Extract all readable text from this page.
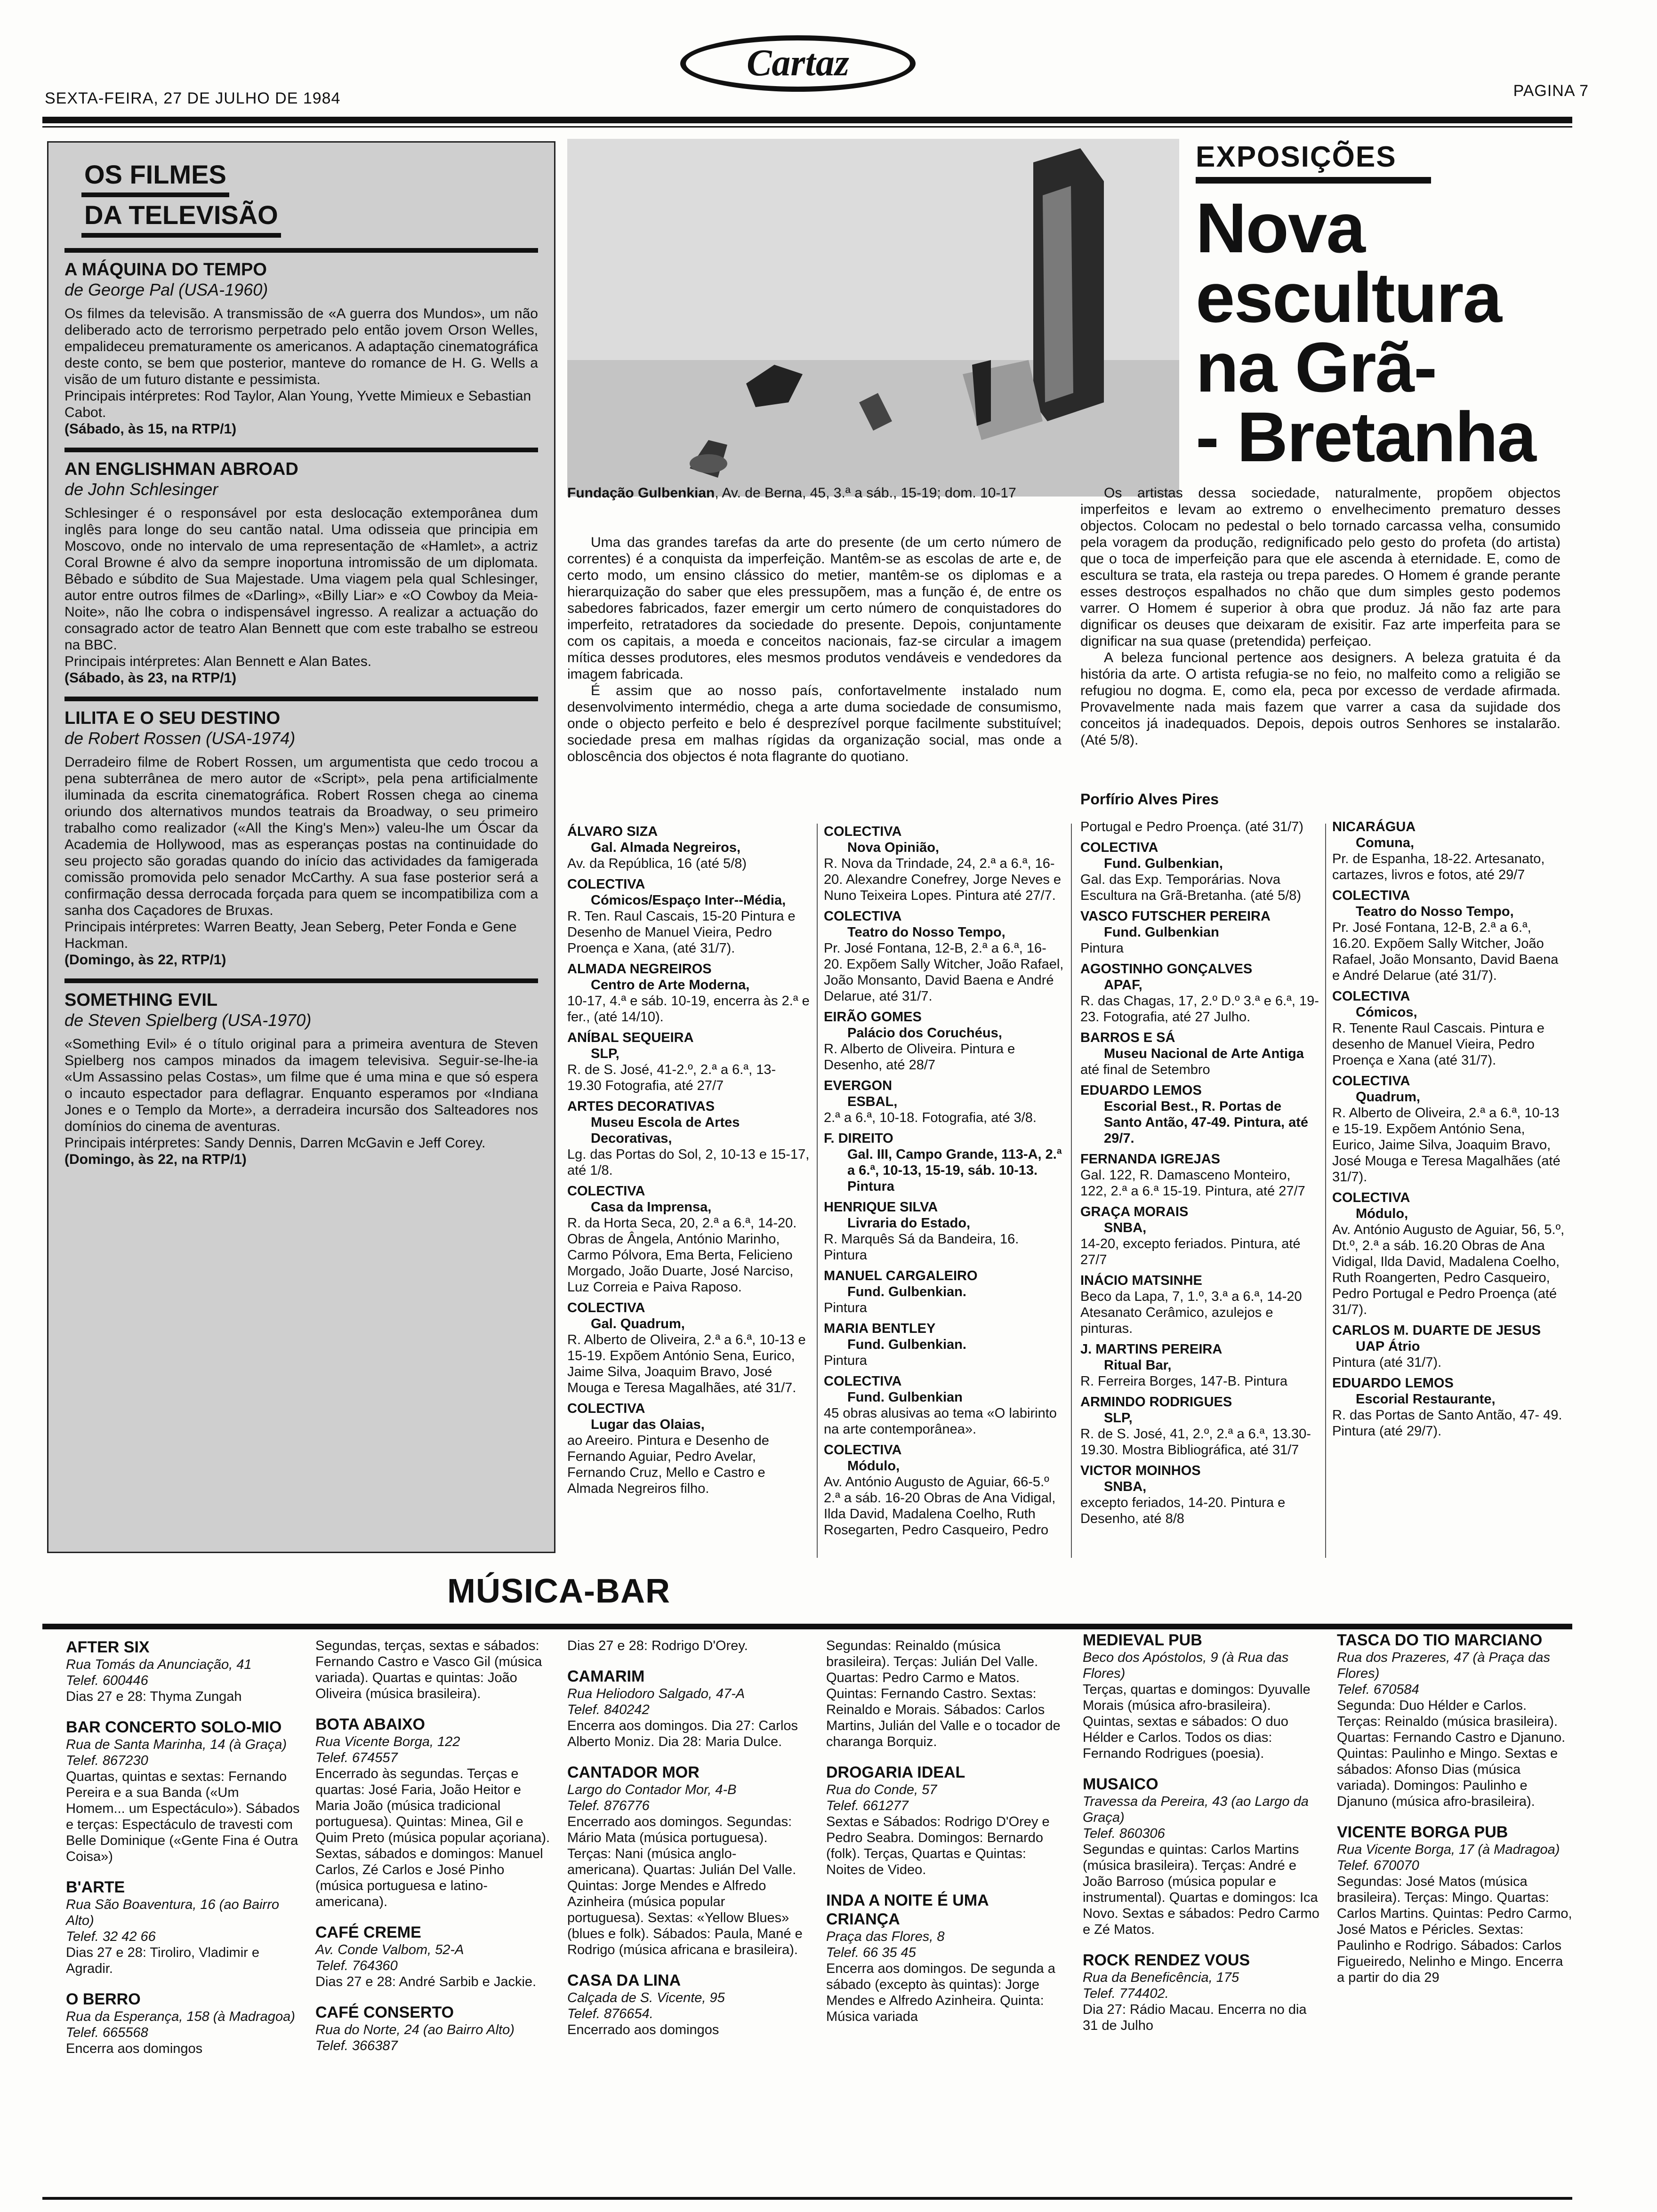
SEXTA-FEIRA, 27 DE JULHO DE 1984
Cartaz
PAGINA 7
OS FILMES
DA TELEVISÃO
A MÁQUINA DO TEMPO
de George Pal (USA-1960)

Os filmes da televisão. A transmissão de «A guerra dos Mundos», um não deliberado acto de terrorismo perpetrado pelo então jovem Orson Welles, empalideceu prematuramente os americanos. A adaptação cinematográfica deste conto, se bem que posterior, manteve do romance de H. G. Wells a visão de um futuro distante e pessimista.

Principais intérpretes: Rod Taylor, Alan Young, Yvette Mimieux e Sebastian Cabot.
(Sábado, às 15, na RTP/1)
AN ENGLISHMAN ABROAD
de John Schlesinger

Schlesinger é o responsável por esta deslocação extemporânea dum inglês para longe do seu cantão natal. Uma odisseia que principia em Moscovo, onde no intervalo de uma representação de «Hamlet», a actriz Coral Browne é alvo da sempre inoportuna intromissão de um diplomata. Bêbado e súbdito de Sua Majestade. Uma viagem pela qual Schlesinger, autor entre outros filmes de «Darling», «Billy Liar» e «O Cowboy da Meia-Noite», não lhe cobra o indispensável ingresso. A realizar a actuação do consagrado actor de teatro Alan Bennett que com este trabalho se estreou na BBC.

Principais intérpretes: Alan Bennett e Alan Bates.
(Sábado, às 23, na RTP/1)
LILITA E O SEU DESTINO
de Robert Rossen (USA-1974)

Derradeiro filme de Robert Rossen, um argumentista que cedo trocou a pena subterrânea de mero autor de «Script», pela pena artificialmente iluminada da escrita cinematográfica. Robert Rossen chega ao cinema oriundo dos alternativos mundos teatrais da Broadway, o seu primeiro trabalho como realizador («All the King's Men») valeu-lhe um Óscar da Academia de Hollywood, mas as esperanças postas na continuidade do seu projecto são goradas quando do início das actividades da famigerada comissão promovida pelo senador McCarthy. A sua fase posterior será a confirmação dessa derrocada forçada para quem se incompatibiliza com a sanha dos Caçadores de Bruxas.

Principais intérpretes: Warren Beatty, Jean Seberg, Peter Fonda e Gene Hackman.
(Domingo, às 22, RTP/1)
SOMETHING EVIL
de Steven Spielberg (USA-1970)

«Something Evil» é o título original para a primeira aventura de Steven Spielberg nos campos minados da imagem televisiva. Seguir-se-lhe-ia «Um Assassino pelas Costas», um filme que é uma mina e que só espera o incauto espectador para deflagrar. Enquanto esperamos por «Indiana Jones e o Templo da Morte», a derradeira incursão dos Salteadores nos domínios do cinema de aventuras.

Principais intérpretes: Sandy Dennis, Darren McGavin e Jeff Corey.
(Domingo, às 22, na RTP/1)
EXPOSIÇÕES
Nova
escultura
na Grã-
- Bretanha
Fundação Gulbenkian, Av. de Berna, 45, 3.ª a sáb., 15-19; dom. 10-17

Uma das grandes tarefas da arte do presente (de um certo número de correntes) é a conquista da imperfeição. Mantêm-se as escolas de arte e, de certo modo, um ensino clássico do metier, mantêm-se os diplomas e a hierarquização do saber que eles pressupõem, mas a função é, de entre os sabedores fabricados, fazer emergir um certo número de conquistadores do imperfeito, retratadores da sociedade do presente. Depois, conjuntamente com os capitais, a moeda e conceitos nacionais, faz-se circular a imagem mítica desses produtores, eles mesmos produtos vendáveis e vendedores da imagem fabricada.

É assim que ao nosso país, confortavelmente instalado num desenvolvimento intermédio, chega a arte duma sociedade de consumismo, onde o objecto perfeito e belo é desprezível porque facilmente substituível; sociedade presa em malhas rígidas da organização social, mas onde a obloscência dos objectos é nota flagrante do quotiano.

Os artistas dessa sociedade, naturalmente, propõem objectos imperfeitos e levam ao extremo o envelhecimento prematuro desses objectos. Colocam no pedestal o belo tornado carcassa velha, consumido pela voragem da produção, redignificado pelo gesto do profeta (do artista) que o toca de imperfeição para que ele ascenda à eternidade. E, como de escultura se trata, ela rasteja ou trepa paredes. O Homem é grande perante esses destroços espalhados no chão que dum simples gesto podemos varrer. O Homem é superior à obra que produz. Já não faz arte para dignificar os deuses que deixaram de exisitir. Faz arte imperfeita para se dignificar na sua quase (pretendida) perfeiçao.

A beleza funcional pertence aos designers. A beleza gratuita é da história da arte. O artista refugia-se no feio, no malfeito como a religião se refugiou no dogma. E, como ela, peca por excesso de verdade afirmada. Provavelmente nada mais fazem que varrer a casa da sujidade dos conceitos já inadequados. Depois, depois outros Senhores se instalarão. (Até 5/8).

Porfírio Alves Pires
ÁLVARO SIZA
Gal. Almada Negreiros,
Av. da República, 16 (até 5/8)
COLECTIVA
Cómicos/Espaço Inter--Média,
R. Ten. Raul Cascais, 15-20 Pintura e Desenho de Manuel Vieira, Pedro Proença e Xana, (até 31/7).
ALMADA NEGREIROS
Centro de Arte Moderna,
10-17, 4.ª e sáb. 10-19, encerra às 2.ª e fer., (até 14/10).
ANÍBAL SEQUEIRA
SLP,
R. de S. José, 41-2.º, 2.ª a 6.ª, 13-19.30 Fotografia, até 27/7
ARTES DECORATIVAS
Museu Escola de Artes Decorativas,
Lg. das Portas do Sol, 2, 10-13 e 15-17, até 1/8.
COLECTIVA
Casa da Imprensa,
R. da Horta Seca, 20, 2.ª a 6.ª, 14-20. Obras de Ângela, António Marinho, Carmo Pólvora, Ema Berta, Felicieno Morgado, João Duarte, José Narciso, Luz Correia e Paiva Raposo.
COLECTIVA
Gal. Quadrum,
R. Alberto de Oliveira, 2.ª a 6.ª, 10-13 e 15-19. Expõem António Sena, Eurico, Jaime Silva, Joaquim Bravo, José Mouga e Teresa Magalhães, até 31/7.
COLECTIVA
Lugar das Olaias,
ao Areeiro. Pintura e Desenho de Fernando Aguiar, Pedro Avelar, Fernando Cruz, Mello e Castro e Almada Negreiros filho.
COLECTIVA
Nova Opinião,
R. Nova da Trindade, 24, 2.ª a 6.ª, 16-20. Alexandre Conefrey, Jorge Neves e Nuno Teixeira Lopes. Pintura até 27/7.
COLECTIVA
Teatro do Nosso Tempo,
Pr. José Fontana, 12-B, 2.ª a 6.ª, 16-20. Expõem Sally Witcher, João Rafael, João Monsanto, David Baena e André Delarue, até 31/7.
EIRÃO GOMES
Palácio dos Coruchéus,
R. Alberto de Oliveira. Pintura e Desenho, até 28/7
EVERGON
ESBAL,
2.ª a 6.ª, 10-18. Fotografia, até 3/8.
F. DIREITO
Gal. III, Campo Grande, 113-A, 2.ª a 6.ª, 10-13, 15-19, sáb. 10-13. Pintura
HENRIQUE SILVA
Livraria do Estado,
R. Marquês Sá da Bandeira, 16. Pintura
MANUEL CARGALEIRO
Fund. Gulbenkian.
Pintura
MARIA BENTLEY
Fund. Gulbenkian.
Pintura
COLECTIVA
Fund. Gulbenkian
45 obras alusivas ao tema «O labirinto na arte contemporânea».
COLECTIVA
Módulo,
Av. António Augusto de Aguiar, 66-5.º 2.ª a sáb. 16-20 Obras de Ana Vidigal, Ilda David, Madalena Coelho, Ruth Rosegarten, Pedro Casqueiro, Pedro
Portugal e Pedro Proença. (até 31/7)
COLECTIVA
Fund. Gulbenkian,
Gal. das Exp. Temporárias. Nova Escultura na Grã-Bretanha. (até 5/8)
VASCO FUTSCHER PEREIRA
Fund. Gulbenkian
Pintura
AGOSTINHO GONÇALVES
APAF,
R. das Chagas, 17, 2.º D.º 3.ª e 6.ª, 19-23. Fotografia, até 27 Julho.
BARROS E SÁ
Museu Nacional de Arte Antiga
até final de Setembro
EDUARDO LEMOS
Escorial Best., R. Portas de Santo Antão, 47-49. Pintura, até 29/7.
FERNANDA IGREJAS
Gal. 122, R. Damasceno Monteiro, 122, 2.ª a 6.ª 15-19. Pintura, até 27/7
GRAÇA MORAIS
SNBA,
14-20, excepto feriados. Pintura, até 27/7
INÁCIO MATSINHE
Beco da Lapa, 7, 1.º, 3.ª a 6.ª, 14-20 Atesanato Cerâmico, azulejos e pinturas.
J. MARTINS PEREIRA
Ritual Bar,
R. Ferreira Borges, 147-B. Pintura
ARMINDO RODRIGUES
SLP,
R. de S. José, 41, 2.º, 2.ª a 6.ª, 13.30-19.30. Mostra Bibliográfica, até 31/7
VICTOR MOINHOS
SNBA,
excepto feriados, 14-20. Pintura e Desenho, até 8/8
NICARÁGUA
Comuna,
Pr. de Espanha, 18-22. Artesanato, cartazes, livros e fotos, até 29/7
COLECTIVA
Teatro do Nosso Tempo,
Pr. José Fontana, 12-B, 2.ª a 6.ª, 16.20. Expõem Sally Witcher, João Rafael, João Monsanto, David Baena e André Delarue (até 31/7).
COLECTIVA
Cómicos,
R. Tenente Raul Cascais. Pintura e desenho de Manuel Vieira, Pedro Proença e Xana (até 31/7).
COLECTIVA
Quadrum,
R. Alberto de Oliveira, 2.ª a 6.ª, 10-13 e 15-19. Expõem António Sena, Eurico, Jaime Silva, Joaquim Bravo, José Mouga e Teresa Magalhães (até 31/7).
COLECTIVA
Módulo,
Av. António Augusto de Aguiar, 56, 5.º, Dt.º, 2.ª a sáb. 16.20 Obras de Ana Vidigal, Ilda David, Madalena Coelho, Ruth Roangerten, Pedro Casqueiro, Pedro Portugal e Pedro Proença (até 31/7).
CARLOS M. DUARTE DE JESUS
UAP Átrio
Pintura (até 31/7).
EDUARDO LEMOS
Escorial Restaurante,
R. das Portas de Santo Antão, 47- 49. Pintura (até 29/7).
MÚSICA-BAR
AFTER SIX
Rua Tomás da Anunciação, 41
Telef. 600446
Dias 27 e 28: Thyma Zungah
BAR CONCERTO SOLO-MIO
Rua de Santa Marinha, 14 (à Graça)
Telef. 867230
Quartas, quintas e sextas: Fernando Pereira e a sua Banda («Um Homem... um Espectáculo»). Sábados e terças: Espectáculo de travesti com Belle Dominique («Gente Fina é Outra Coisa»)
B'ARTE
Rua São Boaventura, 16 (ao Bairro Alto)
Telef. 32 42 66
Dias 27 e 28: Tiroliro, Vladimir e Agradir.
O BERRO
Rua da Esperança, 158 (à Madragoa)
Telef. 665568
Encerra aos domingos
Segundas, terças, sextas e sábados: Fernando Castro e Vasco Gil (música variada). Quartas e quintas: João Oliveira (música brasileira).
BOTA ABAIXO
Rua Vicente Borga, 122
Telef. 674557
Encerrado às segundas. Terças e quartas: José Faria, João Heitor e Maria João (música tradicional portuguesa). Quintas: Minea, Gil e Quim Preto (música popular açoriana). Sextas, sábados e domingos: Manuel Carlos, Zé Carlos e José Pinho (música portuguesa e latino-americana).
CAFÉ CREME
Av. Conde Valbom, 52-A
Telef. 764360
Dias 27 e 28: André Sarbib e Jackie.
CAFÉ CONSERTO
Rua do Norte, 24 (ao Bairro Alto)
Telef. 366387
Dias 27 e 28: Rodrigo D'Orey.
CAMARIM
Rua Heliodoro Salgado, 47-A
Telef. 840242
Encerra aos domingos. Dia 27: Carlos Alberto Moniz. Dia 28: Maria Dulce.
CANTADOR MOR
Largo do Contador Mor, 4-B
Telef. 876776
Encerrado aos domingos. Segundas: Mário Mata (música portuguesa). Terças: Nani (música anglo-americana). Quartas: Julián Del Valle. Quintas: Jorge Mendes e Alfredo Azinheira (música popular portuguesa). Sextas: «Yellow Blues» (blues e folk). Sábados: Paula, Mané e Rodrigo (música africana e brasileira).
CASA DA LINA
Calçada de S. Vicente, 95
Telef. 876654.
Encerrado aos domingos
Segundas: Reinaldo (música brasileira). Terças: Julián Del Valle. Quartas: Pedro Carmo e Matos. Quintas: Fernando Castro. Sextas: Reinaldo e Morais. Sábados: Carlos Martins, Julián del Valle e o tocador de charanga Borquiz.
DROGARIA IDEAL
Rua do Conde, 57
Telef. 661277
Sextas e Sábados: Rodrigo D'Orey e Pedro Seabra. Domingos: Bernardo (folk). Terças, Quartas e Quintas: Noites de Video.
INDA A NOITE É UMA CRIANÇA
Praça das Flores, 8
Telef. 66 35 45
Encerra aos domingos. De segunda a sábado (excepto às quintas): Jorge Mendes e Alfredo Azinheira. Quinta: Música variada
MEDIEVAL PUB
Beco dos Apóstolos, 9 (à Rua das Flores)
Terças, quartas e domingos: Dyuvalle Morais (música afro-brasileira). Quintas, sextas e sábados: O duo Hélder e Carlos. Todos os dias: Fernando Rodrigues (poesia).
MUSAICO
Travessa da Pereira, 43 (ao Largo da Graça)
Telef. 860306
Segundas e quintas: Carlos Martins (música brasileira). Terças: André e João Barroso (música popular e instrumental). Quartas e domingos: Ica Novo. Sextas e sábados: Pedro Carmo e Zé Matos.
ROCK RENDEZ VOUS
Rua da Beneficência, 175
Telef. 774402.
Dia 27: Rádio Macau. Encerra no dia 31 de Julho
TASCA DO TIO MARCIANO
Rua dos Prazeres, 47 (à Praça das Flores)
Telef. 670584
Segunda: Duo Hélder e Carlos. Terças: Reinaldo (música brasileira). Quartas: Fernando Castro e Djanuno. Quintas: Paulinho e Mingo. Sextas e sábados: Afonso Dias (música variada). Domingos: Paulinho e Djanuno (música afro-brasileira).
VICENTE BORGA PUB
Rua Vicente Borga, 17 (à Madragoa)
Telef. 670070
Segundas: José Matos (música brasileira). Terças: Mingo. Quartas: Carlos Martins. Quintas: Pedro Carmo, José Matos e Péricles. Sextas: Paulinho e Rodrigo. Sábados: Carlos Figueiredo, Nelinho e Mingo. Encerra a partir do dia 29
